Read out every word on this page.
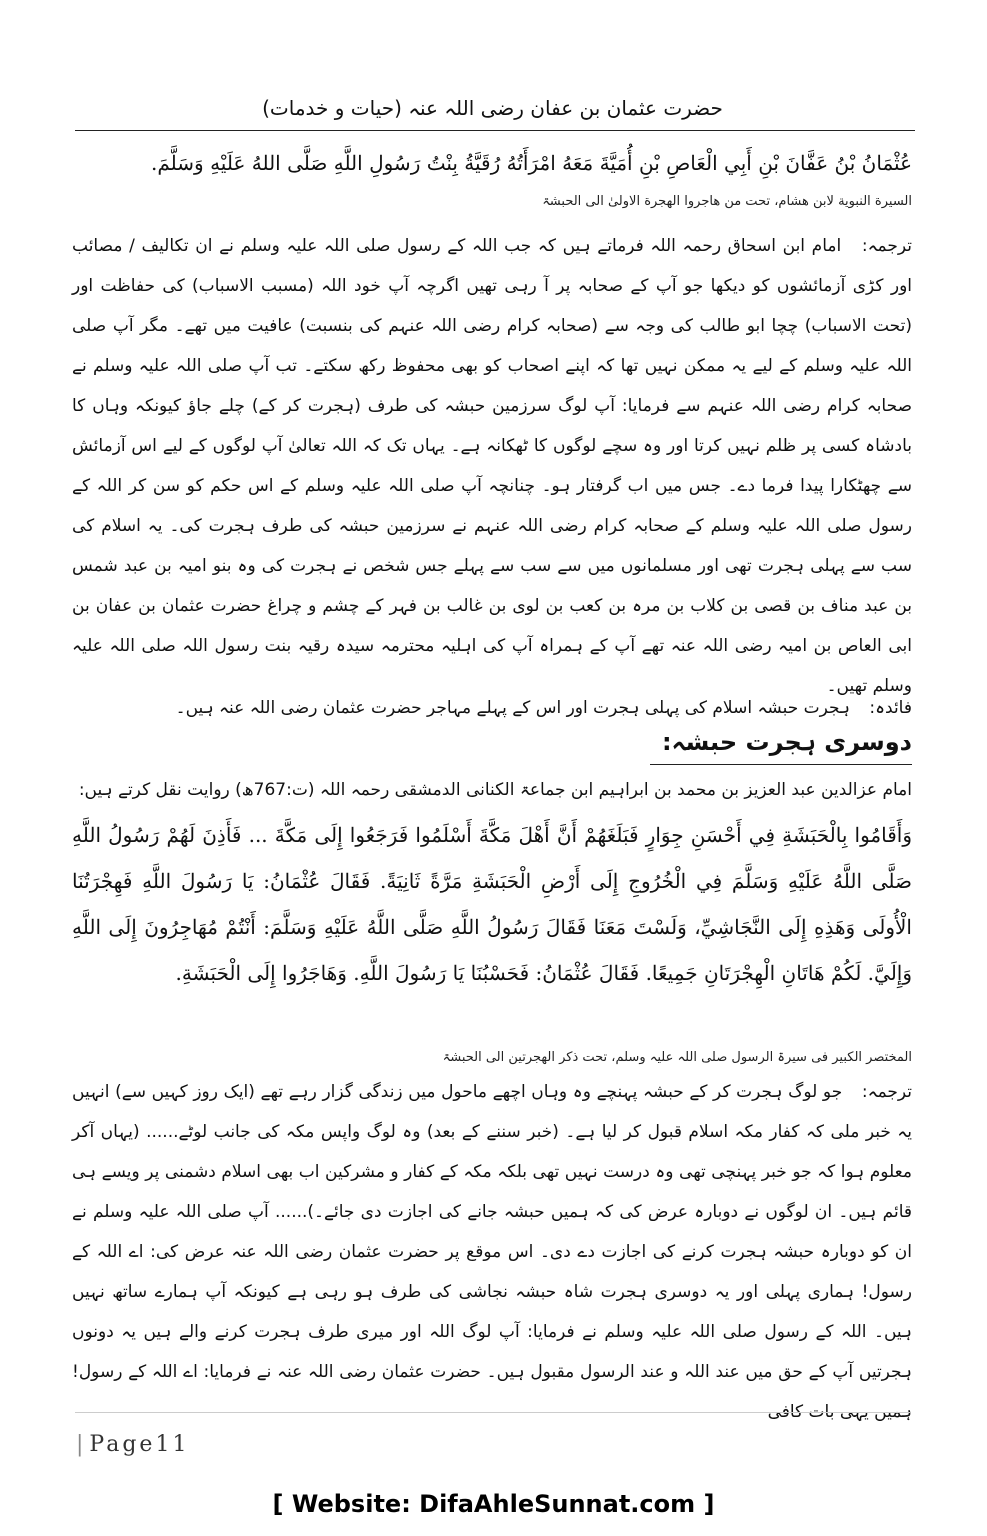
حضرت عثمان بن عفان رضی اللہ عنہ (حیات و خدمات)
عُثْمَانُ بْنُ عَفَّانَ بْنِ أَبِي الْعَاصِ بْنِ أُمَيَّةَ مَعَهُ امْرَأَتُهُ رُقَيَّةُ بِنْتُ رَسُولِ اللَّهِ صَلَّى اللهُ عَلَيْهِ وَسَلَّمَ.
السیرة النبویة لابن ھشام، تحت من ھاجروا الھجرة الاولیٰ الی الحبشۃ
ترجمہ: امام ابن اسحاق رحمہ اللہ فرماتے ہیں کہ جب اللہ کے رسول صلی اللہ علیہ وسلم نے ان تکالیف / مصائب اور کڑی آزمائشوں کو دیکھا جو آپ کے صحابہ پر آ رہی تھیں اگرچہ آپ خود اللہ (مسبب الاسباب) کی حفاظت اور (تحت الاسباب) چچا ابو طالب کی وجہ سے (صحابہ کرام رضی اللہ عنہم کی بنسبت) عافیت میں تھے۔ مگر آپ صلی اللہ علیہ وسلم کے لیے یہ ممکن نہیں تھا کہ اپنے اصحاب کو بھی محفوظ رکھ سکتے۔ تب آپ صلی اللہ علیہ وسلم نے صحابہ کرام رضی اللہ عنہم سے فرمایا: آپ لوگ سرزمین حبشہ کی طرف (ہجرت کر کے) چلے جاؤ کیونکہ وہاں کا بادشاہ کسی پر ظلم نہیں کرتا اور وہ سچے لوگوں کا ٹھکانہ ہے۔ یہاں تک کہ اللہ تعالیٰ آپ لوگوں کے لیے اس آزمائش سے چھٹکارا پیدا فرما دے۔ جس میں اب گرفتار ہو۔ چنانچہ آپ صلی اللہ علیہ وسلم کے اس حکم کو سن کر اللہ کے رسول صلی اللہ علیہ وسلم کے صحابہ کرام رضی اللہ عنہم نے سرزمین حبشہ کی طرف ہجرت کی۔ یہ اسلام کی سب سے پہلی ہجرت تھی اور مسلمانوں میں سے سب سے پہلے جس شخص نے ہجرت کی وہ بنو امیہ بن عبد شمس بن عبد مناف بن قصی بن کلاب بن مرہ بن کعب بن لوی بن غالب بن فہر کے چشم و چراغ حضرت عثمان بن عفان بن ابی العاص بن امیہ رضی اللہ عنہ تھے آپ کے ہمراہ آپ کی اہلیہ محترمہ سیدہ رقیہ بنت رسول اللہ صلی اللہ علیہ وسلم تھیں۔
فائدہ: ہجرت حبشہ اسلام کی پہلی ہجرت اور اس کے پہلے مہاجر حضرت عثمان رضی اللہ عنہ ہیں۔
دوسری ہجرت حبشہ:
امام عزالدین عبد العزیز بن محمد بن ابراہیم ابن جماعۃ الکنانی الدمشقی رحمہ اللہ (ت:767ھ) روایت نقل کرتے ہیں:
وَأَقَامُوا بِالْحَبَشَةِ فِي أَحْسَنِ جِوَارٍ فَبَلَغَهُمْ أَنَّ أَهْلَ مَكَّةَ أَسْلَمُوا فَرَجَعُوا إِلَى مَكَّةَ ... فَأَذِنَ لَهُمْ رَسُولُ اللَّهِ صَلَّى اللَّهُ عَلَيْهِ وَسَلَّمَ فِي الْخُرُوجِ إِلَى أَرْضِ الْحَبَشَةِ مَرَّةً ثَانِيَةً. فَقَالَ عُثْمَانُ: يَا رَسُولَ اللَّهِ فَهِجْرَتُنَا الْأُولَى وَهَذِهِ إِلَى النَّجَاشِيِّ، وَلَسْتَ مَعَنَا فَقَالَ رَسُولُ اللَّهِ صَلَّى اللَّهُ عَلَيْهِ وَسَلَّمَ: أَنْتُمْ مُهَاجِرُونَ إِلَى اللَّهِ وَإِلَيَّ. لَكُمْ هَاتَانِ الْهِجْرَتَانِ جَمِيعًا. فَقَالَ عُثْمَانُ: فَحَسْبُنَا يَا رَسُولَ اللَّهِ. وَهَاجَرُوا إِلَى الْحَبَشَةِ.
المختصر الکبیر فی سیرۃ الرسول صلی اللہ علیہ وسلم، تحت ذکر الھجرتین الی الحبشۃ
ترجمہ: جو لوگ ہجرت کر کے حبشہ پہنچے وہ وہاں اچھے ماحول میں زندگی گزار رہے تھے (ایک روز کہیں سے) انہیں یہ خبر ملی کہ کفار مکہ اسلام قبول کر لیا ہے۔ (خبر سننے کے بعد) وہ لوگ واپس مکہ کی جانب لوٹے...... (یہاں آکر معلوم ہوا کہ جو خبر پہنچی تھی وہ درست نہیں تھی بلکہ مکہ کے کفار و مشرکین اب بھی اسلام دشمنی پر ویسے ہی قائم ہیں۔ ان لوگوں نے دوبارہ عرض کی کہ ہمیں حبشہ جانے کی اجازت دی جائے۔)...... آپ صلی اللہ علیہ وسلم نے ان کو دوبارہ حبشہ ہجرت کرنے کی اجازت دے دی۔ اس موقع پر حضرت عثمان رضی اللہ عنہ عرض کی: اے اللہ کے رسول! ہماری پہلی اور یہ دوسری ہجرت شاہ حبشہ نجاشی کی طرف ہو رہی ہے کیونکہ آپ ہمارے ساتھ نہیں ہیں۔ اللہ کے رسول صلی اللہ علیہ وسلم نے فرمایا: آپ لوگ اللہ اور میری طرف ہجرت کرنے والے ہیں یہ دونوں ہجرتیں آپ کے حق میں عند اللہ و عند الرسول مقبول ہیں۔ حضرت عثمان رضی اللہ عنہ نے فرمایا: اے اللہ کے رسول! ہمیں یہی بات کافی
| Page11
[ Website: DifaAhleSunnat.com ]
